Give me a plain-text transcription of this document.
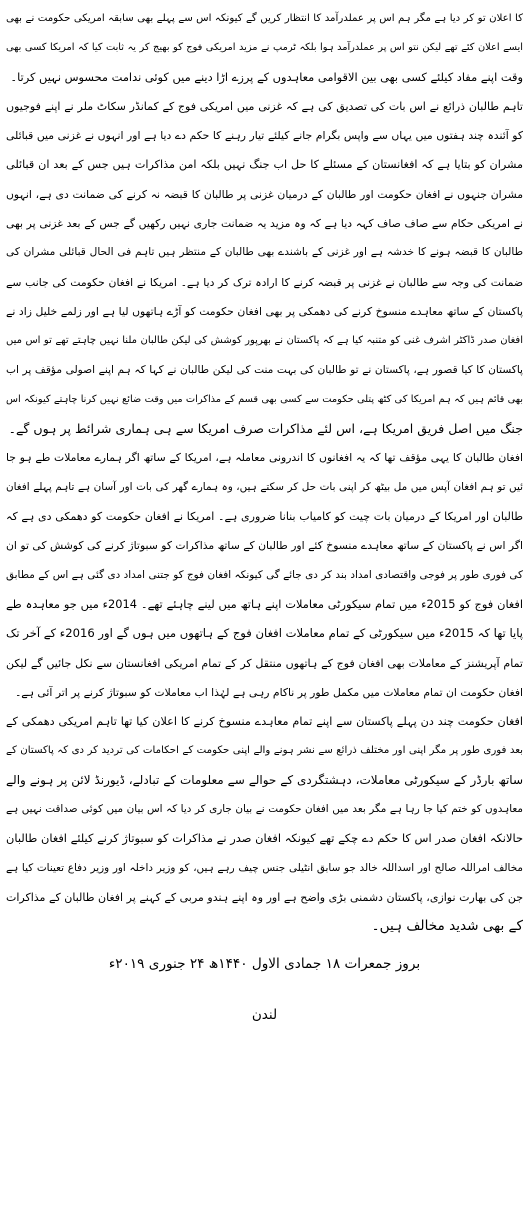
کا اعلان تو کر دیا ہے مگر ہم اس پر عملدرآمد کا انتظار کریں گے کیونکہ اس سے پہلے بھی سابقہ امریکی حکومت نے بھی
ایسے اعلان کئے تھے لیکن نتو اس پر عملدرآمد ہوا بلکہ ٹرمپ نے مزید امریکی فوج کو بھیج کر یہ ثابت کیا کہ امریکا کسی بھی
وقت اپنے مفاد کیلئے کسی بھی بین الاقوامی معاہدوں کے پرزے اڑا دینے میں کوئی ندامت محسوس نہیں کرتا۔
تاہم طالبان ذرائع نے اس بات کی تصدیق کی ہے کہ غزنی میں امریکی فوج کے کمانڈر سکاٹ ملر نے اپنے فوجیوں
کو آئندہ چند ہفتوں میں یہاں سے واپس بگرام جانے کیلئے تیار رہنے کا حکم دے دیا ہے اور انہوں نے غزنی میں قبائلی
مشران کو بتایا ہے کہ افغانستان کے مسئلے کا حل اب جنگ نہیں بلکہ امن مذاکرات ہیں جس کے بعد ان قبائلی
مشران جنہوں نے افغان حکومت اور طالبان کے درمیان غزنی پر طالبان کا قبضہ نہ کرنے کی ضمانت دی ہے، انہوں
نے امریکی حکام سے صاف صاف کہہ دیا ہے کہ وہ مزید یہ ضمانت جاری نہیں رکھیں گے جس کے بعد غزنی پر بھی
طالبان کا قبضہ ہونے کا خدشہ ہے اور غزنی کے باشندے بھی طالبان کے منتظر ہیں تاہم فی الحال قبائلی مشران کی
ضمانت کی وجہ سے طالبان نے غزنی پر قبضہ کرنے کا ارادہ ترک کر دیا ہے۔ امریکا نے افغان حکومت کی جانب سے
پاکستان کے ساتھ معاہدے منسوخ کرنے کی دھمکی پر بھی افغان حکومت کو آڑے ہاتھوں لیا ہے اور زلمے خلیل زاد نے
افغان صدر ڈاکٹر اشرف غنی کو متنبہ کیا ہے کہ پاکستان نے بھرپور کوشش کی لیکن طالبان ملنا نہیں چاہتے تھے تو اس میں
پاکستان کا کیا قصور ہے، پاکستان نے تو طالبان کی بہت منت کی لیکن طالبان نے کہا کہ ہم اپنے اصولی مؤقف پر اب
بھی قائم ہیں کہ ہم امریکا کی کٹھ پتلی حکومت سے کسی بھی قسم کے مذاکرات میں وقت ضائع نہیں کرنا چاہتے کیونکہ اس
جنگ میں اصل فریق امریکا ہے، اس لئے مذاکرات صرف امریکا سے ہی ہماری شرائط پر ہوں گے۔
افغان طالبان کا یہی مؤقف تھا کہ یہ افغانوں کا اندرونی معاملہ ہے، امریکا کے ساتھ اگر ہمارے معاملات طے ہو جا
ئیں تو ہم افغان آپس میں مل بیٹھ کر اپنی بات حل کر سکتے ہیں، وہ ہمارے گھر کی بات اور آسان ہے تاہم پہلے افغان
طالبان اور امریکا کے درمیان بات چیت کو کامیاب بنانا ضروری ہے۔ امریکا نے افغان حکومت کو دھمکی دی ہے کہ
اگر اس نے پاکستان کے ساتھ معاہدے منسوخ کئے اور طالبان کے ساتھ مذاکرات کو سبوتاژ کرنے کی کوشش کی تو ان
کی فوری طور پر فوجی واقتصادی امداد بند کر دی جائے گی کیونکہ افغان فوج کو جتنی امداد دی گئی ہے اس کے مطابق
افغان فوج کو 2015ء میں تمام سیکورٹی معاملات اپنے ہاتھ میں لینے چاہئے تھے۔ 2014ء میں جو معاہدہ طے
پایا تھا کہ 2015ء میں سیکورٹی کے تمام معاملات افغان فوج کے ہاتھوں میں ہوں گے اور 2016ء کے آخر تک
تمام آپریشنز کے معاملات بھی افغان فوج کے ہاتھوں منتقل کر کے تمام امریکی افغانستان سے نکل جائیں گے لیکن
افغان حکومت ان تمام معاملات میں مکمل طور پر ناکام رہی ہے لہٰذا اب معاملات کو سبوتاژ کرنے پر اتر آئی ہے۔
افغان حکومت چند دن پہلے پاکستان سے اپنے تمام معاہدے منسوخ کرنے کا اعلان کیا تھا تاہم امریکی دھمکی کے
بعد فوری طور پر مگر اپنی اور مختلف ذرائع سے نشر ہونے والے اپنی حکومت کے احکامات کی تردید کر دی کہ پاکستان کے
ساتھ بارڈر کے سیکورٹی معاملات، دہشتگردی کے حوالے سے معلومات کے تبادلے، ڈیورنڈ لائن پر ہونے والے
معاہدوں کو ختم کیا جا رہا ہے مگر بعد میں افغان حکومت نے بیان جاری کر دیا کہ اس بیان میں کوئی صداقت نہیں ہے
حالانکہ افغان صدر اس کا حکم دے چکے تھے کیونکہ افغان صدر نے مذاکرات کو سبوتاژ کرنے کیلئے افغان طالبان
مخالف امراللہ صالح اور اسداللہ خالد جو سابق انٹیلی جنس چیف رہے ہیں، کو وزیر داخلہ اور وزیر دفاع تعینات کیا ہے
جن کی بھارت نوازی، پاکستان دشمنی بڑی واضح ہے اور وہ اپنے ہندو مربی کے کہنے پر افغان طالبان کے مذاکرات
کے بھی شدید مخالف ہیں۔
بروز جمعرات ۱۸ جمادی الاول ۱۴۴۰ھ ۲۴ جنوری ۲۰۱۹ء
لندن
